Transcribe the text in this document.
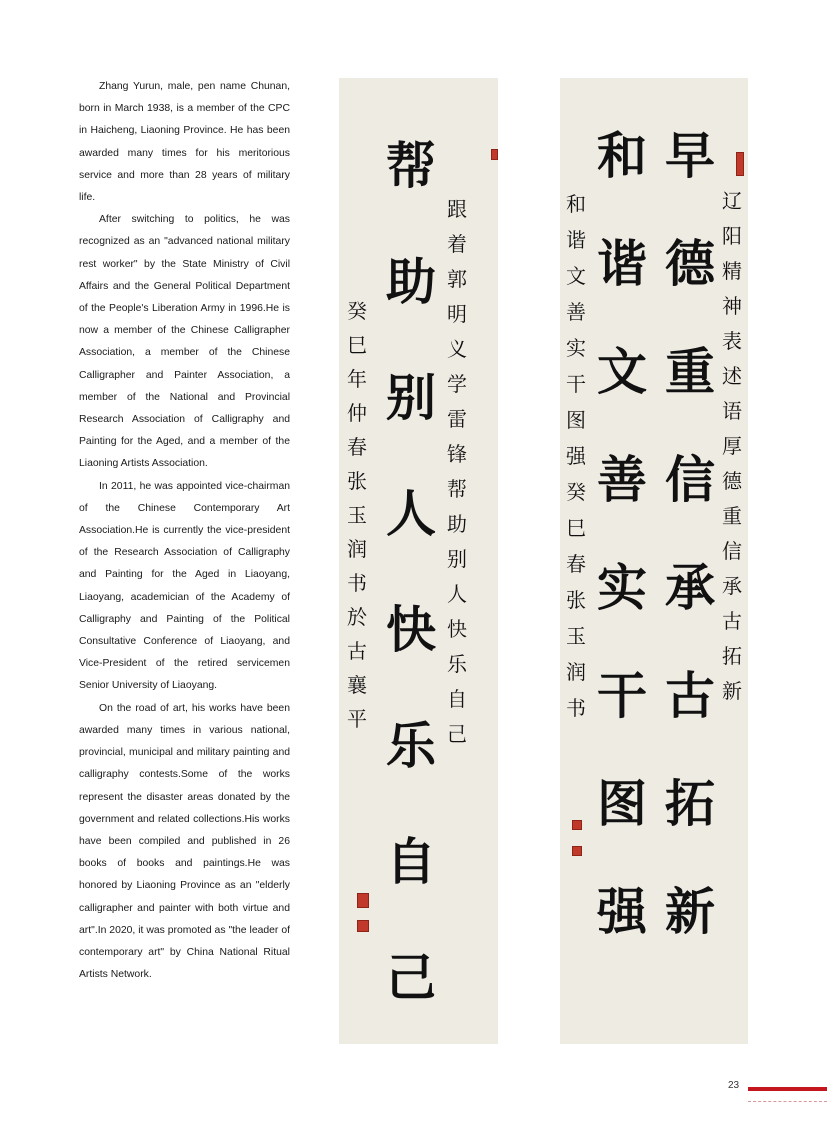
Zhang Yurun, male, pen name Chunan, born in March 1938, is a member of the CPC in Haicheng, Liaoning Province. He has been awarded many times for his meritorious service and more than 28 years of military life.

After switching to politics, he was recognized as an "advanced national military rest worker" by the State Ministry of Civil Affairs and the General Political Department of the People's Liberation Army in 1996.He is now a member of the Chinese Calligrapher Association, a member of the Chinese Calligrapher and Painter Association, a member of the National and Provincial Research Association of Calligraphy and Painting for the Aged, and a member of the Liaoning Artists Association.

In 2011, he was appointed vice-chairman of the Chinese Contemporary Art Association.He is currently the vice-president of the Research Association of Calligraphy and Painting for the Aged in Liaoyang, Liaoyang, academician of the Academy of Calligraphy and Painting of the Political Consultative Conference of Liaoyang, and Vice-President of the retired servicemen Senior University of Liaoyang.

On the road of art, his works have been awarded many times in various national, provincial, municipal and military painting and calligraphy contests.Some of the works represent the disaster areas donated by the government and related collections.His works have been compiled and published in 26 books of books and paintings.He was honored by Liaoning Province as an "elderly calligrapher and painter with both virtue and art".In 2020, it was promoted as "the leader of contemporary art" by China National Ritual Artists Network.

帮
助
别
人
快
乐
自
己
跟
着
郭
明
义
学
雷
锋
帮
助
别
人
快
乐
自
己
癸
巳
年
仲
春
张
玉
润
书
於
古
襄
平
早
德
重
信
承
古
拓
新
和
谐
文
善
实
干
图
强
辽
阳
精
神
表
述
语
厚
德
重
信
承
古
拓
新
和
谐
文
善
实
干
图
强
癸
巳
春
张
玉
润
书
23
